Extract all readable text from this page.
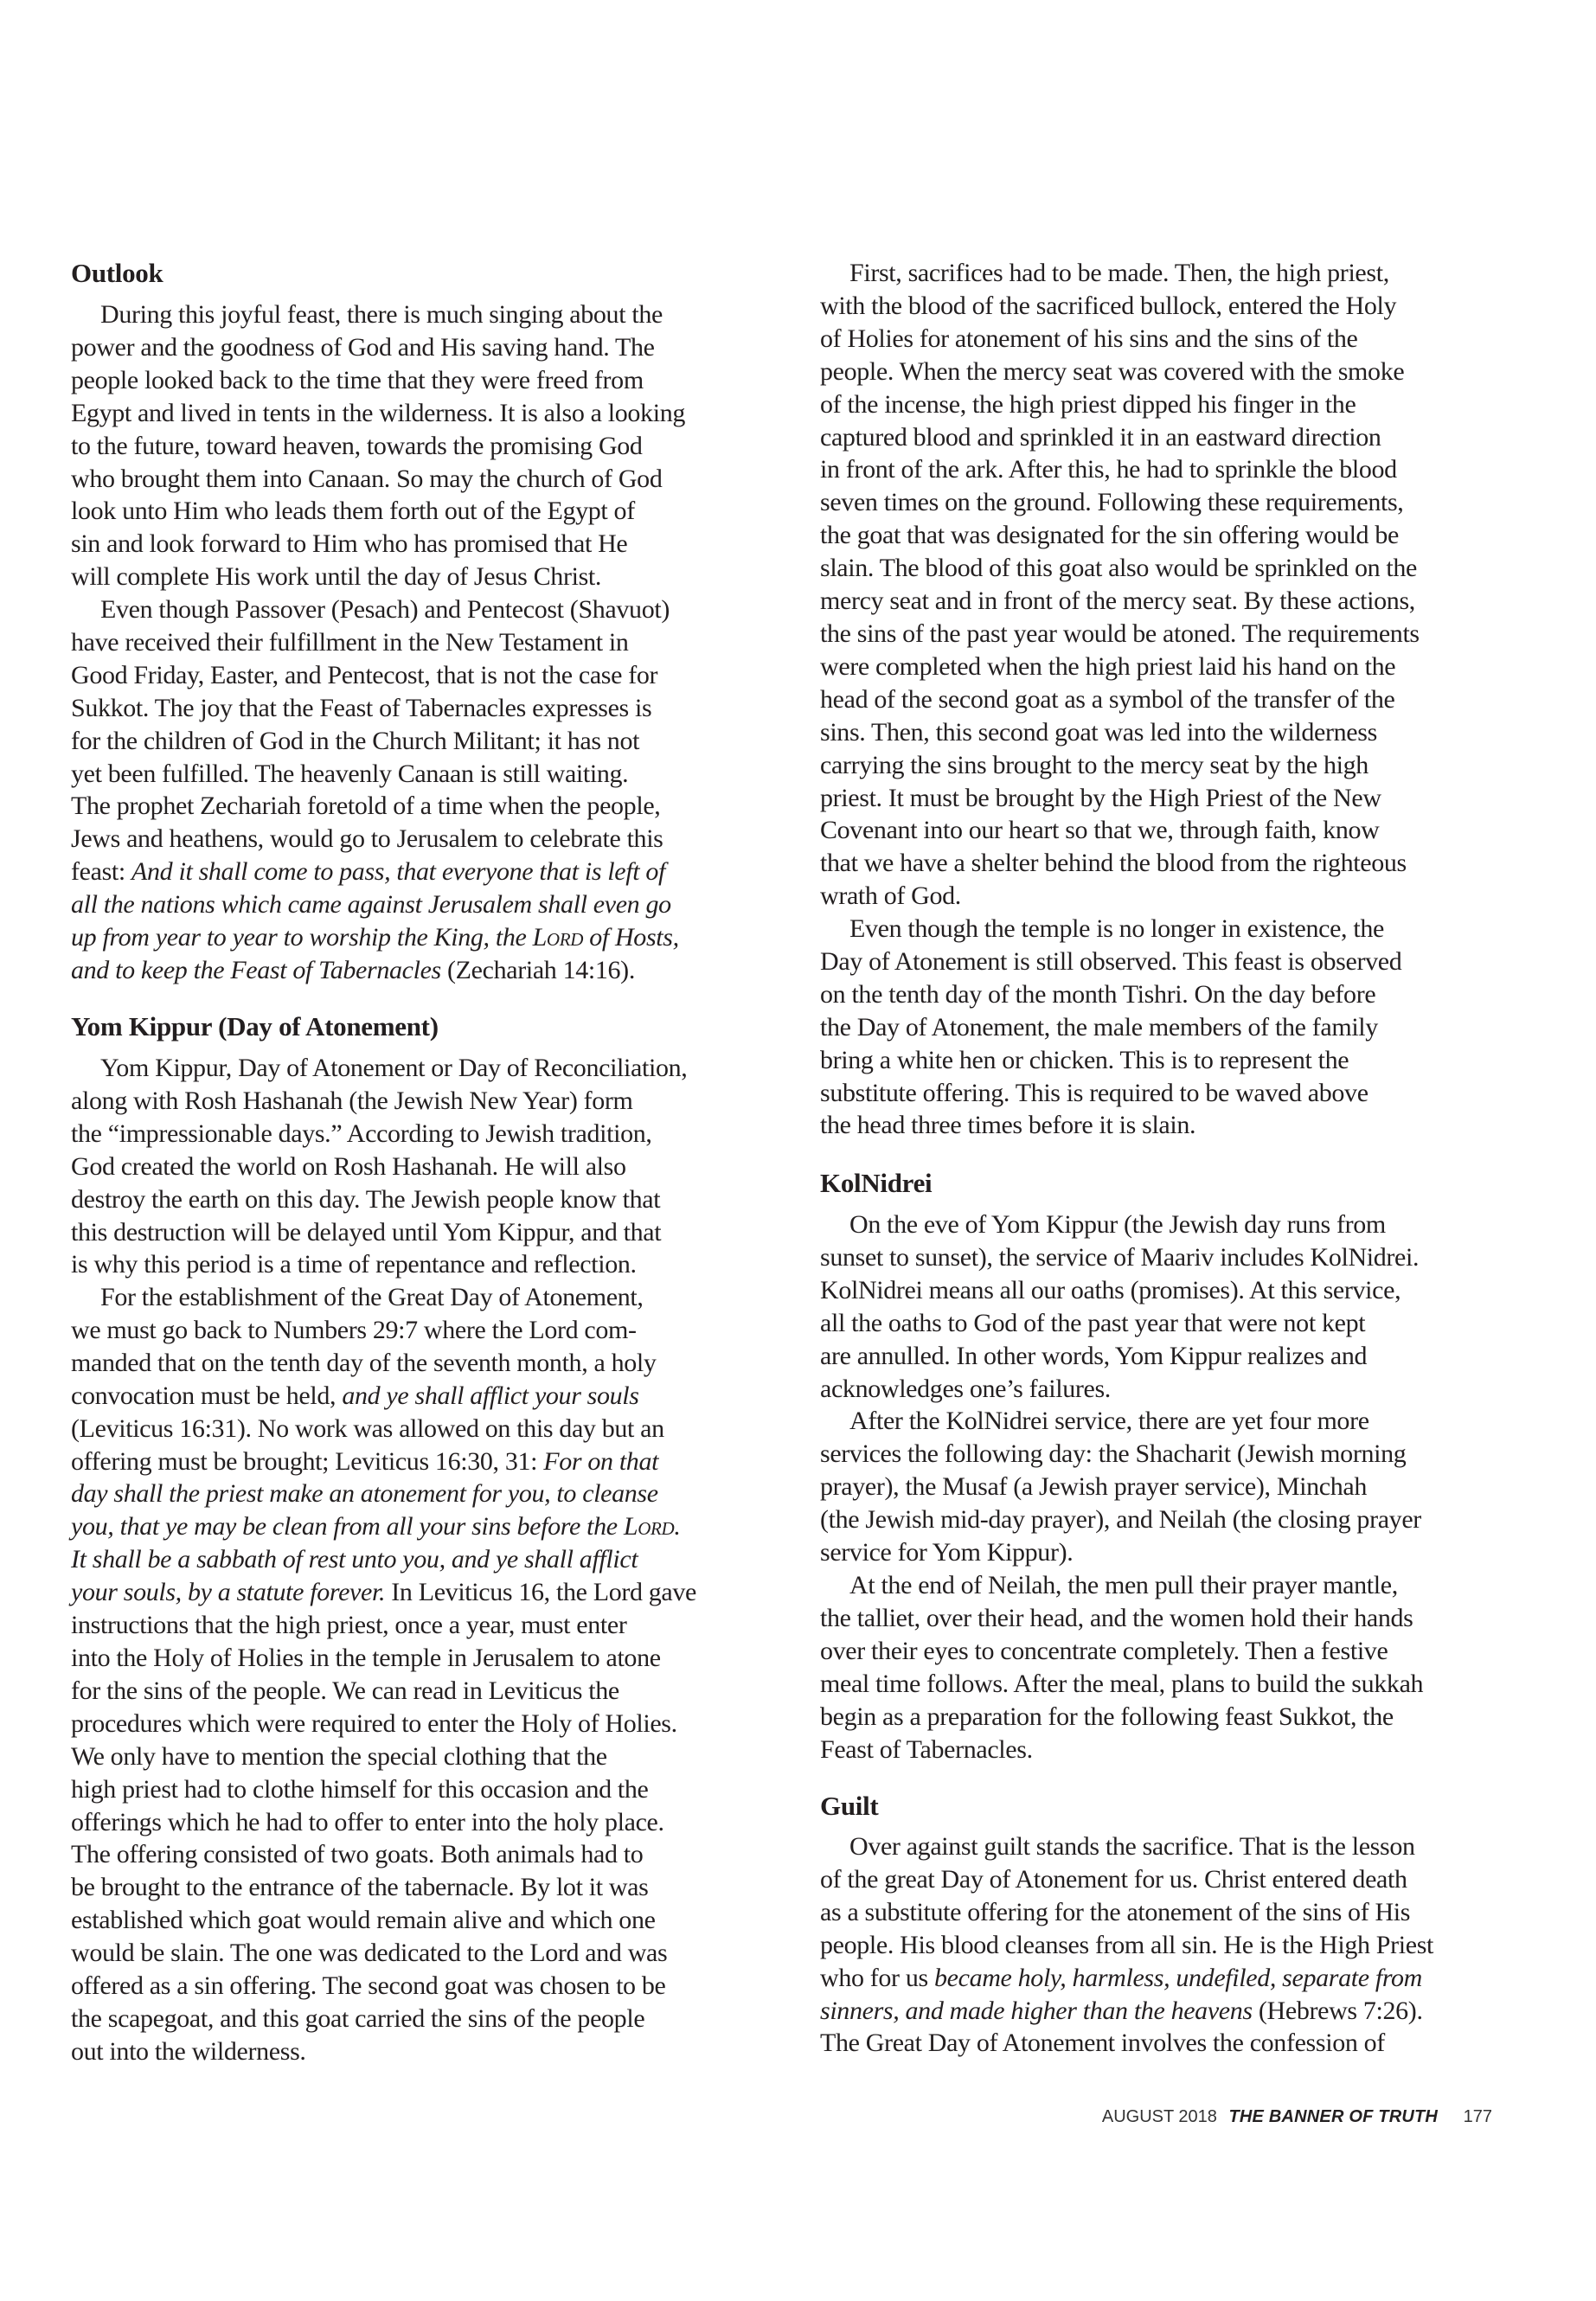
Outlook
During this joyful feast, there is much singing about the
power and the goodness of God and His saving hand. The
people looked back to the time that they were freed from
Egypt and lived in tents in the wilderness. It is also a looking
to the future, toward heaven, towards the promising God
who brought them into Canaan. So may the church of God
look unto Him who leads them forth out of the Egypt of
sin and look forward to Him who has promised that He
will complete His work until the day of Jesus Christ.
Even though Passover (Pesach) and Pentecost (Shavuot)
have received their fulfillment in the New Testament in
Good Friday, Easter, and Pentecost, that is not the case for
Sukkot. The joy that the Feast of Tabernacles expresses is
for the children of God in the Church Militant; it has not
yet been fulfilled. The heavenly Canaan is still waiting.
The prophet Zechariah foretold of a time when the people,
Jews and heathens, would go to Jerusalem to celebrate this
feast: And it shall come to pass, that everyone that is left of
all the nations which came against Jerusalem shall even go
up from year to year to worship the King, the Lord of Hosts,
and to keep the Feast of Tabernacles (Zechariah 14:16).
Yom Kippur (Day of Atonement)
Yom Kippur, Day of Atonement or Day of Reconciliation,
along with Rosh Hashanah (the Jewish New Year) form
the “impressionable days.” According to Jewish tradition,
God created the world on Rosh Hashanah. He will also
destroy the earth on this day. The Jewish people know that
this destruction will be delayed until Yom Kippur, and that
is why this period is a time of repentance and reflection.
For the establishment of the Great Day of Atonement,
we must go back to Numbers 29:7 where the Lord com-
manded that on the tenth day of the seventh month, a holy
convocation must be held, and ye shall afflict your souls
(Leviticus 16:31). No work was allowed on this day but an
offering must be brought; Leviticus 16:30, 31: For on that
day shall the priest make an atonement for you, to cleanse
you, that ye may be clean from all your sins before the Lord.
It shall be a sabbath of rest unto you, and ye shall afflict
your souls, by a statute forever. In Leviticus 16, the Lord gave
instructions that the high priest, once a year, must enter
into the Holy of Holies in the temple in Jerusalem to atone
for the sins of the people. We can read in Leviticus the
procedures which were required to enter the Holy of Holies.
We only have to mention the special clothing that the
high priest had to clothe himself for this occasion and the
offerings which he had to offer to enter into the holy place.
The offering consisted of two goats. Both animals had to
be brought to the entrance of the tabernacle. By lot it was
established which goat would remain alive and which one
would be slain. The one was dedicated to the Lord and was
offered as a sin offering. The second goat was chosen to be
the scapegoat, and this goat carried the sins of the people
out into the wilderness.
First, sacrifices had to be made. Then, the high priest,
with the blood of the sacrificed bullock, entered the Holy
of Holies for atonement of his sins and the sins of the
people. When the mercy seat was covered with the smoke
of the incense, the high priest dipped his finger in the
captured blood and sprinkled it in an eastward direction
in front of the ark. After this, he had to sprinkle the blood
seven times on the ground. Following these requirements,
the goat that was designated for the sin offering would be
slain. The blood of this goat also would be sprinkled on the
mercy seat and in front of the mercy seat. By these actions,
the sins of the past year would be atoned. The requirements
were completed when the high priest laid his hand on the
head of the second goat as a symbol of the transfer of the
sins. Then, this second goat was led into the wilderness
carrying the sins brought to the mercy seat by the high
priest. It must be brought by the High Priest of the New
Covenant into our heart so that we, through faith, know
that we have a shelter behind the blood from the righteous
wrath of God.
Even though the temple is no longer in existence, the
Day of Atonement is still observed. This feast is observed
on the tenth day of the month Tishri. On the day before
the Day of Atonement, the male members of the family
bring a white hen or chicken. This is to represent the
substitute offering. This is required to be waved above
the head three times before it is slain.
KolNidrei
On the eve of Yom Kippur (the Jewish day runs from
sunset to sunset), the service of Maariv includes KolNidrei.
KolNidrei means all our oaths (promises). At this service,
all the oaths to God of the past year that were not kept
are annulled. In other words, Yom Kippur realizes and
acknowledges one’s failures.
After the KolNidrei service, there are yet four more
services the following day: the Shacharit (Jewish morning
prayer), the Musaf (a Jewish prayer service), Minchah
(the Jewish mid-day prayer), and Neilah (the closing prayer
service for Yom Kippur).
At the end of Neilah, the men pull their prayer mantle,
the talliet, over their head, and the women hold their hands
over their eyes to concentrate completely. Then a festive
meal time follows. After the meal, plans to build the sukkah
begin as a preparation for the following feast Sukkot, the
Feast of Tabernacles.
Guilt
Over against guilt stands the sacrifice. That is the lesson
of the great Day of Atonement for us. Christ entered death
as a substitute offering for the atonement of the sins of His
people. His blood cleanses from all sin. He is the High Priest
who for us became holy, harmless, undefiled, separate from
sinners, and made higher than the heavens (Hebrews 7:26).
The Great Day of Atonement involves the confession of
AUGUST 2018 THE BANNER OF TRUTH 177
